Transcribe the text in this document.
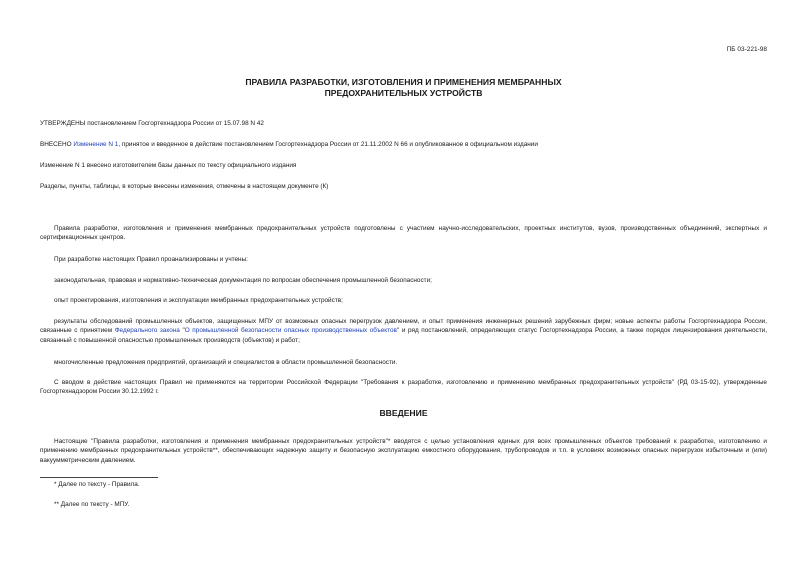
ПБ 03-221-98
ПРАВИЛА РАЗРАБОТКИ, ИЗГОТОВЛЕНИЯ И ПРИМЕНЕНИЯ МЕМБРАННЫХ
ПРЕДОХРАНИТЕЛЬНЫХ УСТРОЙСТВ
УТВЕРЖДЕНЫ постановлением Госгортехнадзора России от 15.07.98 N 42
ВНЕСЕНО Изменение N 1, принятое и введенное в действие постановлением Госгортехнадзора России от 21.11.2002 N 66 и опубликованное в официальном издании
Изменение N 1 внесено изготовителем базы данных по тексту официального издания
Разделы, пункты, таблицы, в которые внесены изменения, отмечены в настоящем документе (К)
Правила разработки, изготовления и применения мембранных предохранительных устройств подготовлены с участием научно-исследовательских, проектных институтов, вузов, производственных объединений, экспертных и сертификационных центров.
При разработке настоящих Правил проанализированы и учтены:
законодательная, правовая и нормативно-техническая документация по вопросам обеспечения промышленной безопасности;
опыт проектирования, изготовления и эксплуатации мембранных предохранительных устройств;
результаты обследований промышленных объектов, защищенных МПУ от возможных опасных перегрузок давлением, и опыт применения инженерных решений зарубежных фирм; новые аспекты работы Госгортехнадзора России, связанные с принятием Федерального закона "О промышленной безопасности опасных производственных объектов" и ряд постановлений, определяющих статус Госгортехнадзора России, а также порядок лицензирования деятельности, связанный с повышенной опасностью промышленных производств (объектов) и работ;
многочисленные предложения предприятий, организаций и специалистов в области промышленной безопасности.
С вводом в действие настоящих Правил не применяются на территории Российской Федерации "Требования к разработке, изготовлению и применению мембранных предохранительных устройств" (РД 03-15-92), утвержденные Госгортехнадзором России 30.12.1992 г.
ВВЕДЕНИЕ
Настоящие "Правила разработки, изготовления и применения мембранных предохранительных устройств"* вводятся с целью установления единых для всех промышленных объектов требований к разработке, изготовлению и применению мембранных предохранительных устройств**, обеспечивающих надежную защиту и безопасную эксплуатацию емкостного оборудования, трубопроводов и т.п. в условиях возможных опасных перегрузок избыточным и (или) вакуумметрическим давлением.
* Далее по тексту - Правила.
** Далее по тексту - МПУ.
